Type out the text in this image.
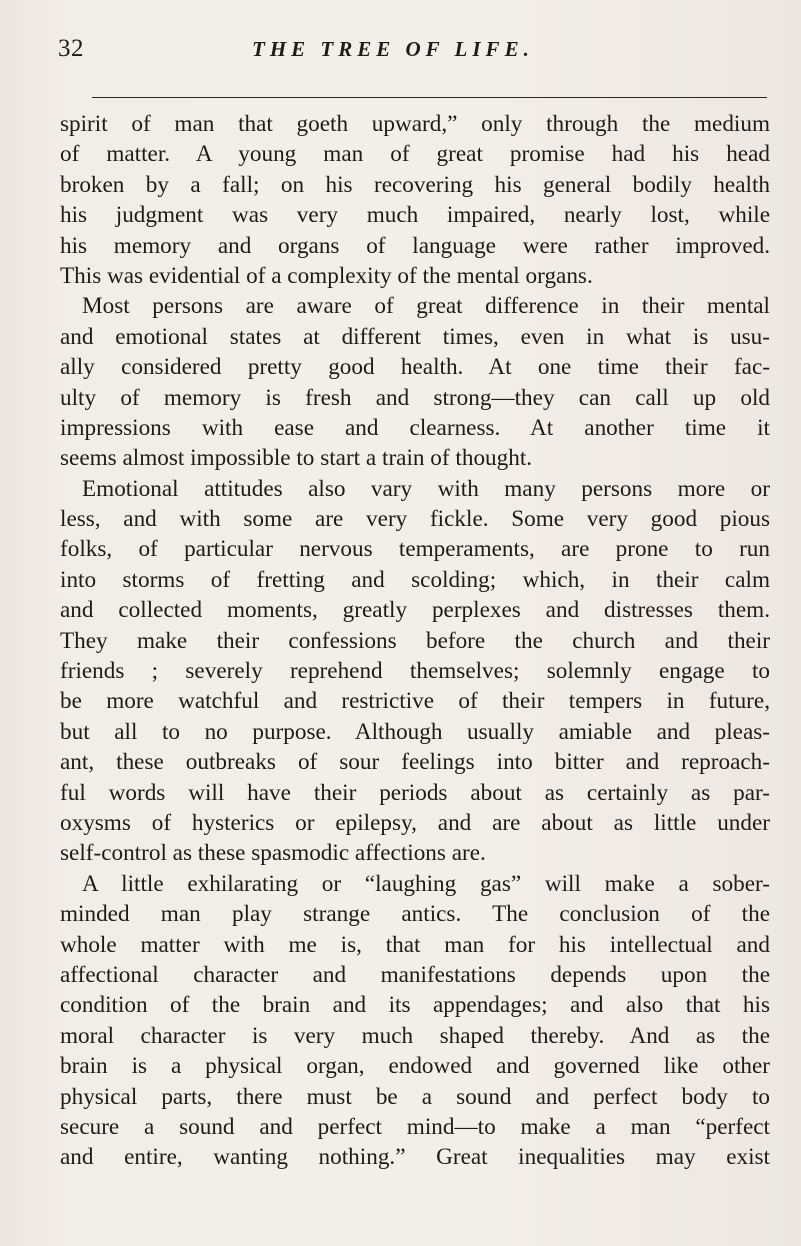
32	THE TREE OF LIFE.
spirit of man that goeth upward,” only through the medium
of matter. A young man of great promise had his head
broken by a fall; on his recovering his general bodily health
his judgment was very much impaired, nearly lost, while
his memory and organs of language were rather improved.
This was evidential of a complexity of the mental organs.
Most persons are aware of great difference in their mental
and emotional states at different times, even in what is usu-
ally considered pretty good health. At one time their fac-
ulty of memory is fresh and strong—they can call up old
impressions with ease and clearness. At another time it
seems almost impossible to start a train of thought.
Emotional attitudes also vary with many persons more or
less, and with some are very fickle. Some very good pious
folks, of particular nervous temperaments, are prone to run
into storms of fretting and scolding; which, in their calm
and collected moments, greatly perplexes and distresses them.
They make their confessions before the church and their
friends ; severely reprehend themselves; solemnly engage to
be more watchful and restrictive of their tempers in future,
but all to no purpose. Although usually amiable and pleas-
ant, these outbreaks of sour feelings into bitter and reproach-
ful words will have their periods about as certainly as par-
oxysms of hysterics or epilepsy, and are about as little under
self-control as these spasmodic affections are.
A little exhilarating or “laughing gas” will make a sober-
minded man play strange antics. The conclusion of the
whole matter with me is, that man for his intellectual and
affectional character and manifestations depends upon the
condition of the brain and its appendages; and also that his
moral character is very much shaped thereby. And as the
brain is a physical organ, endowed and governed like other
physical parts, there must be a sound and perfect body to
secure a sound and perfect mind—to make a man “perfect
and entire, wanting nothing.” Great inequalities may exist
